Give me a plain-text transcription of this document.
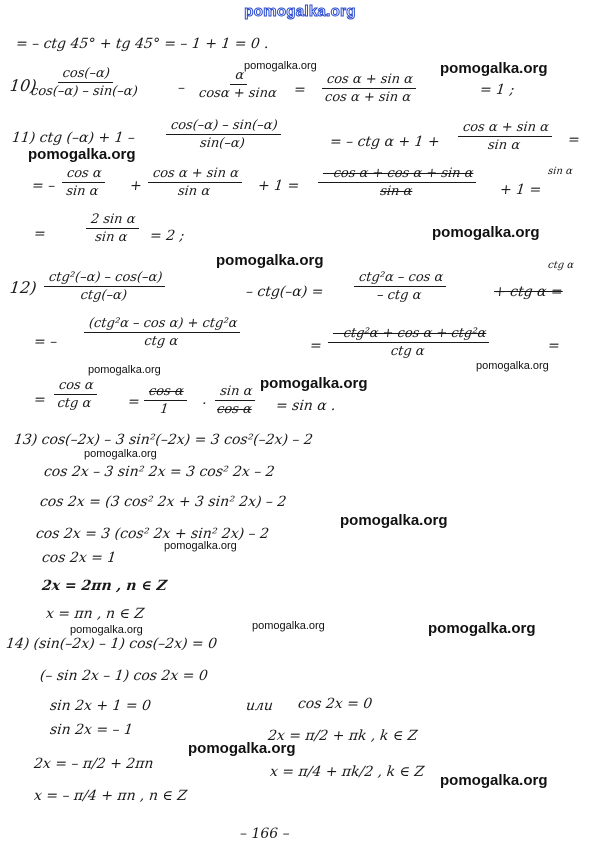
pomogalka.org
= – ctg 45° + tg 45° = – 1 + 1 = 0 .
10)
$\frac{\cos(-\alpha)}{\cos(-\alpha) - \sin(-\alpha)} - \frac{\alpha}{\cos\alpha + \sin\alpha} = \frac{\text{cos α + sin α}}{\text{cos α + sin α}}$	= 1 ;
11) ctg $(-\alpha) + 1 - \frac{\cos(-\alpha) - \sin(-\alpha)}{\sin(-\alpha)}$	= – ctg $\alpha + 1 + \frac{\text{cos α + sin α}}{\text{sin α}}$ =
= – $\frac{\text{cos α}}{\text{sin α}} + \frac{\text{cos α + sin α}}{\text{sin α}} + 1 = \frac{\text{– cos α + cos α + sin α}}{\text{sin α}} + 1$ =
sin α
=	$\frac{\text{2 sin α}}{\text{sin α}} = 2$ ;
12)
ctg²(–α) – cos(–α)
ctg(–α)	– ctg(–α) =
ctg²α – cos α
– ctg α	+ ctg α =
ctg α
= –
(ctg²α – cos α) + ctg²α
ctg α	=
– ctg²α + cos α + ctg²α
ctg α	=
=
cos α
ctg α	= $\frac{\text{cos α}}{1} \cdot \frac{\text{sin α}}{\text{cos α}} = \sin \alpha$ .
13) cos(–2x) – 3 sin²(–2x) = 3 cos²(–2x) – 2
cos 2x – 3 sin² 2x = 3 cos² 2x – 2
cos 2x = (3 cos² 2x + 3 sin² 2x) – 2
cos 2x = 3 (cos² 2x + sin² 2x) – 2
cos 2x = 1
2x = 2πn , n ∈ Z
x = πn , n ∈ Z
14) (sin(–2x) – 1) cos(–2x) = 0
(– sin 2x – 1) cos 2x = 0
sin 2x + 1 = 0	или cos 2x = 0
sin 2x = – 1	2x = π/2 + πk , k ∈ Z
2x = – π/2 + 2πn	x = π/4 + πk/2 , k ∈ Z
x = – π/4 + πn , n ∈ Z
– 166 –
pomogalka.org	pomogalka.org
pomogalka.org
pomogalka.org
pomogalka.org
pomogalka.org
pomogalka.org
pomogalka.org
pomogalka.org
pomogalka.org
pomogalka.org
pomogalka.org	pomogalka.org	pomogalka.org
pomogalka.org
pomogalka.org
